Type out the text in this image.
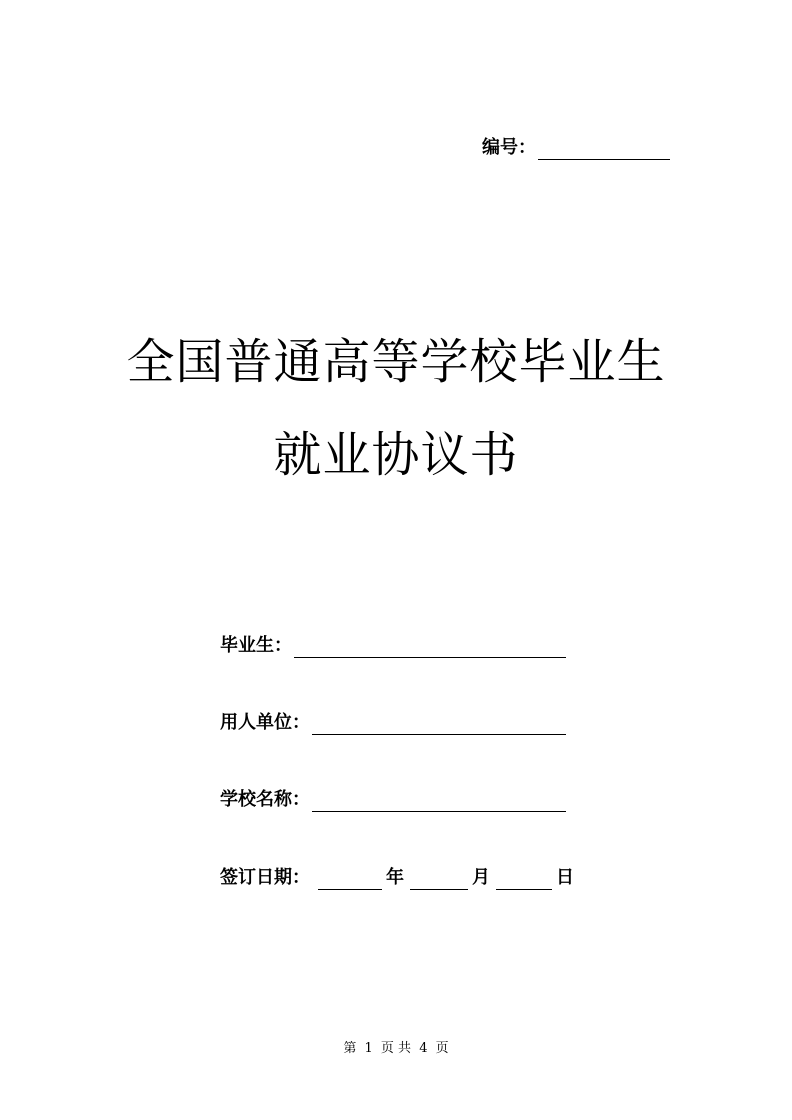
编号：
全国普通高等学校毕业生
就业协议书
毕业生：
用人单位：
学校名称：
签订日期：	年	月	日
第 1 页 共 4 页
